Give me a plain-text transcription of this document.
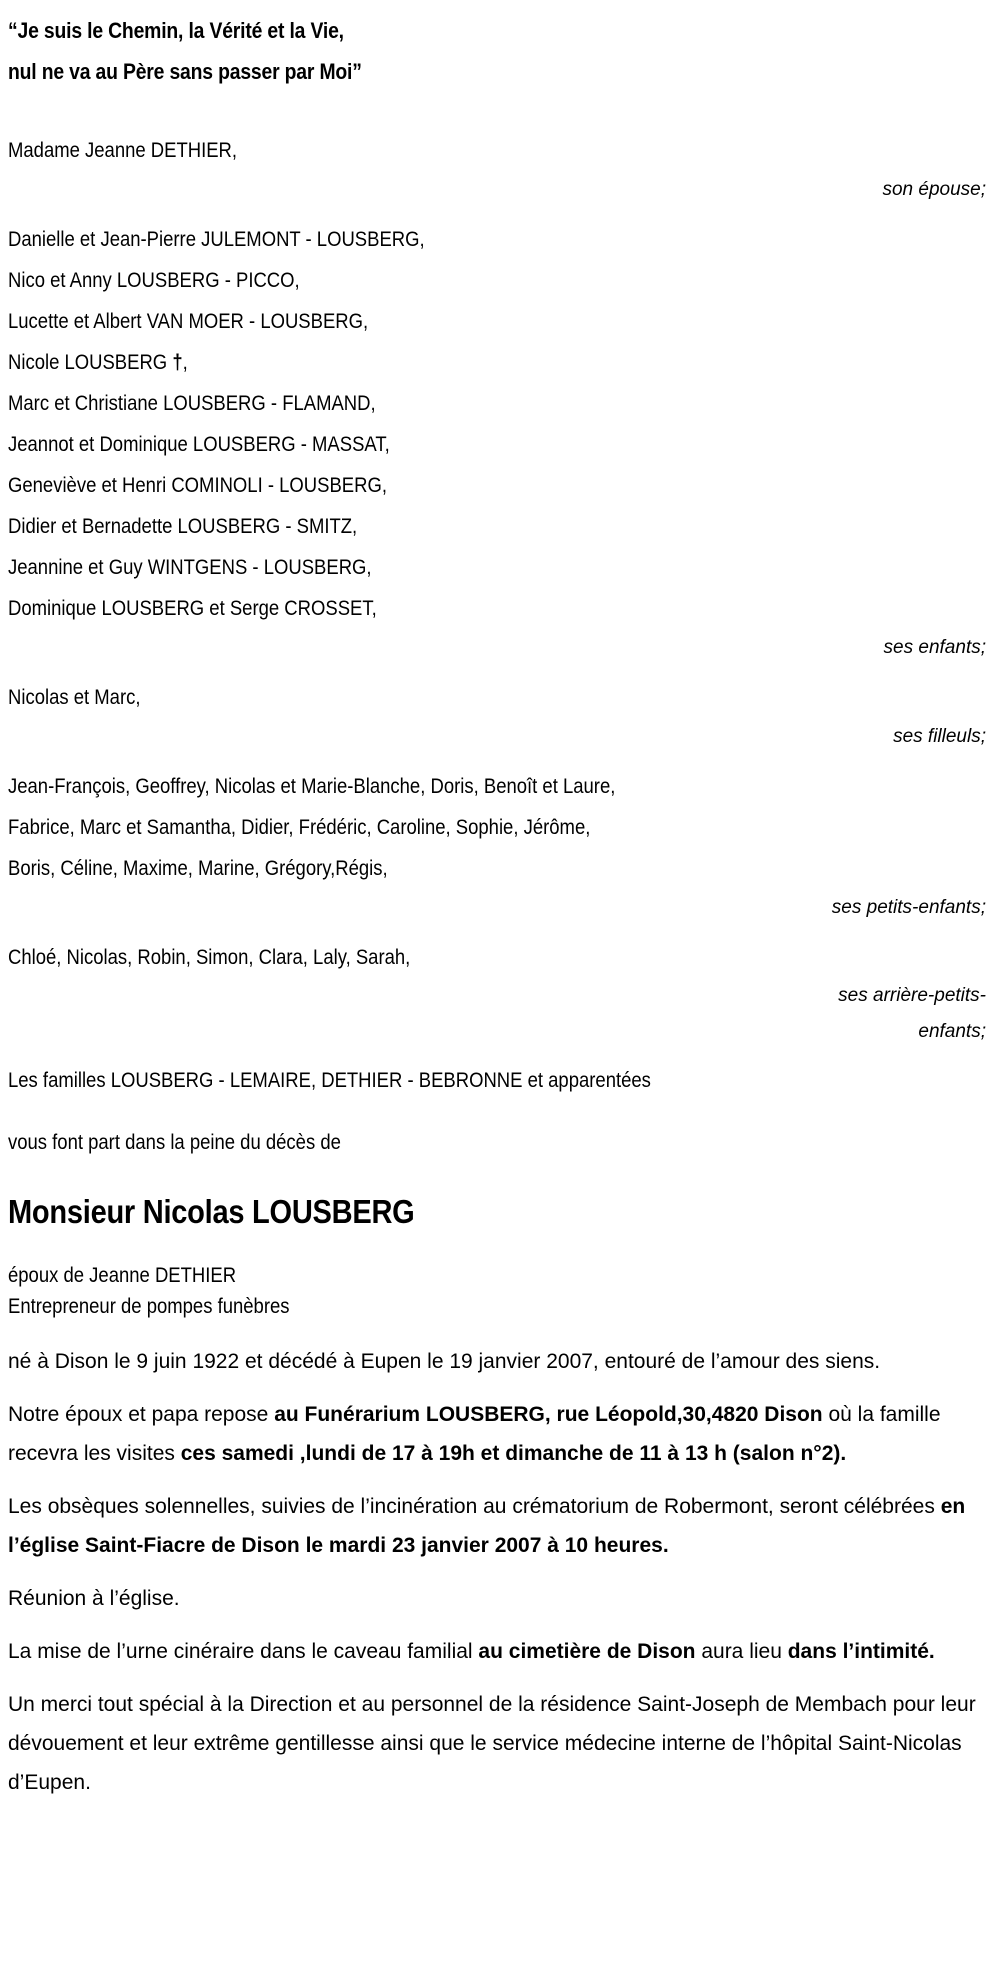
“Je suis le Chemin, la Vérité et la Vie,
nul ne va au Père sans passer par Moi”
Madame Jeanne DETHIER,
son épouse;
Danielle et Jean-Pierre JULEMONT - LOUSBERG,
Nico et Anny LOUSBERG - PICCO,
Lucette et Albert VAN MOER - LOUSBERG,
Nicole LOUSBERG †,
Marc et Christiane LOUSBERG - FLAMAND,
Jeannot et Dominique LOUSBERG - MASSAT,
Geneviève et Henri COMINOLI - LOUSBERG,
Didier et Bernadette LOUSBERG - SMITZ,
Jeannine et Guy WINTGENS - LOUSBERG,
Dominique LOUSBERG et Serge CROSSET,
ses enfants;
Nicolas et Marc,
ses filleuls;
Jean-François, Geoffrey, Nicolas et Marie-Blanche, Doris, Benoît et Laure,
Fabrice, Marc et Samantha, Didier, Frédéric, Caroline, Sophie, Jérôme,
Boris, Céline, Maxime, Marine, Grégory,Régis,
ses petits-enfants;
Chloé, Nicolas, Robin, Simon, Clara, Laly, Sarah,
ses arrière-petits-
enfants;
Les familles LOUSBERG - LEMAIRE, DETHIER - BEBRONNE et apparentées
vous font part dans la peine du décès de
Monsieur Nicolas LOUSBERG
époux de Jeanne DETHIER
Entrepreneur de pompes funèbres

né à Dison le 9 juin 1922 et décédé à Eupen le 19 janvier 2007, entouré de l’amour des siens.

Notre époux et papa repose au Funérarium LOUSBERG, rue Léopold,30,4820 Dison où la famille recevra les visites ces samedi ,lundi de 17 à 19h et dimanche de 11 à 13 h (salon n°2).

Les obsèques solennelles, suivies de l’incinération au crématorium de Robermont, seront célébrées en l’église Saint-Fiacre de Dison le mardi 23 janvier 2007 à 10 heures.

Réunion à l’église.

La mise de l’urne cinéraire dans le caveau familial au cimetière de Dison aura lieu dans l’intimité.

Un merci tout spécial à la Direction et au personnel de la résidence Saint-Joseph de Membach pour leur dévouement et leur extrême gentillesse ainsi que le service médecine interne de l’hôpital Saint-Nicolas d’Eupen.
